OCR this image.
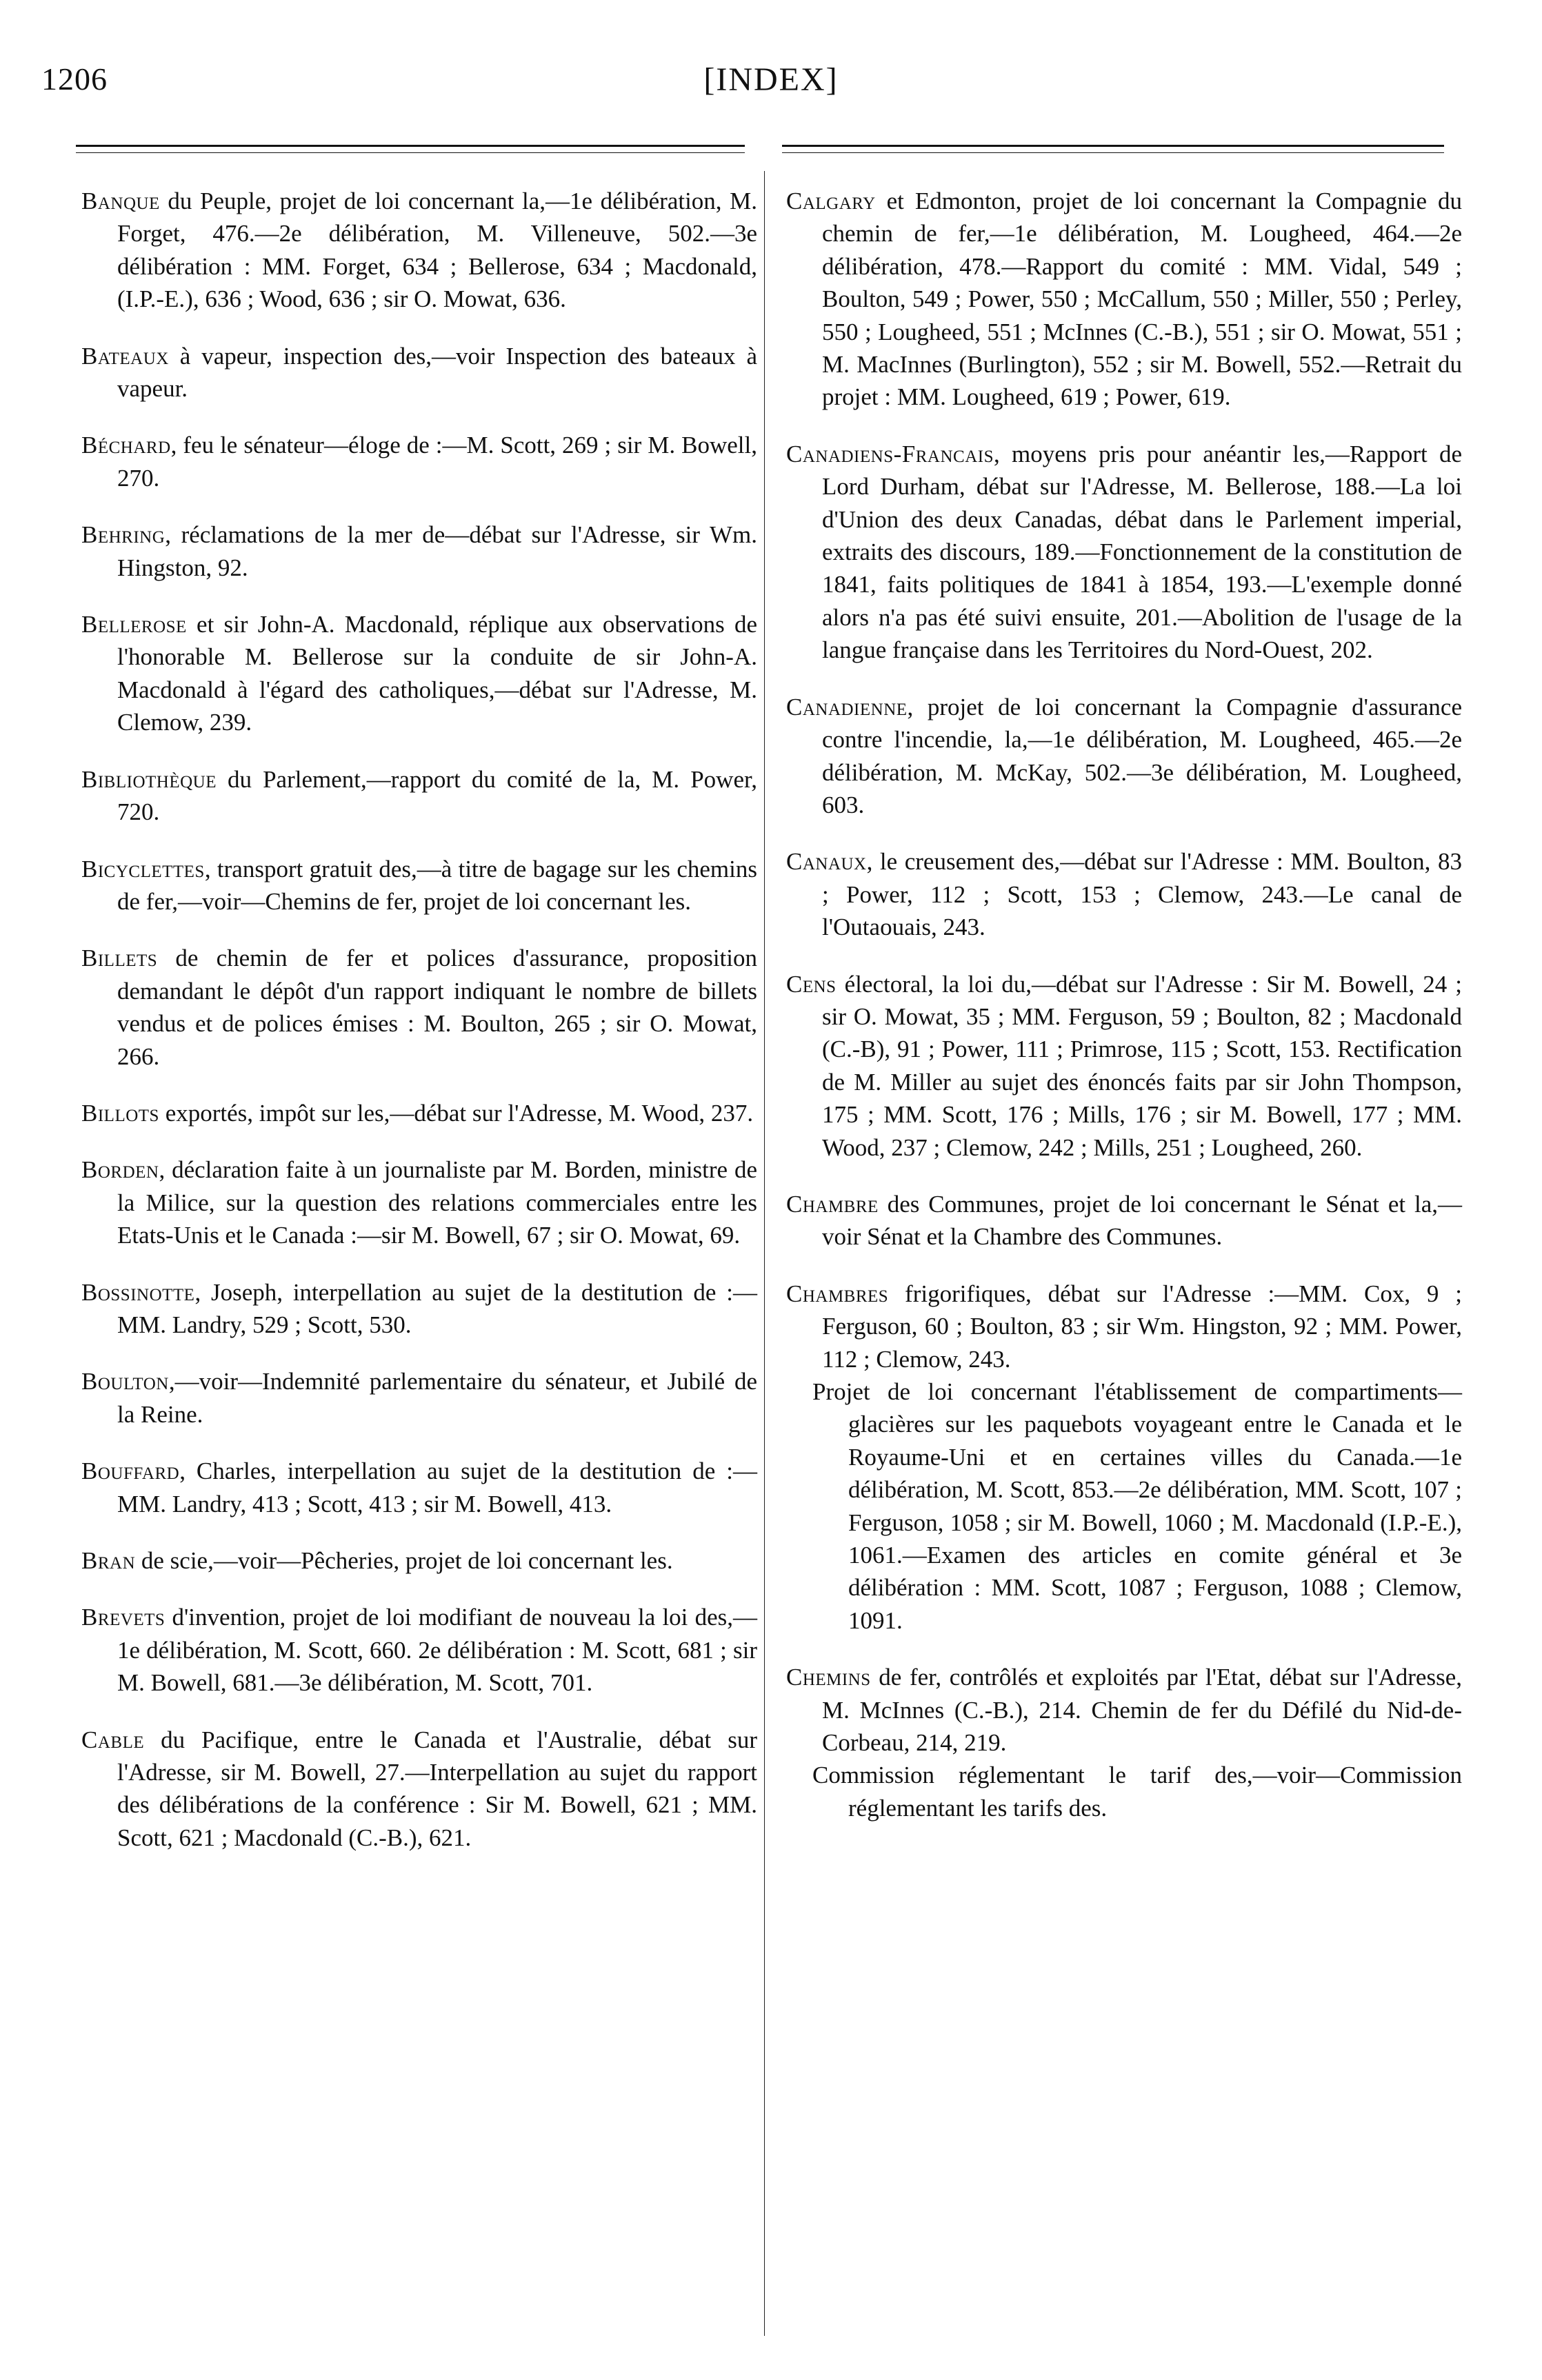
1206	[INDEX]

Banque du Peuple, projet de loi concernant la,—1e délibération, M. Forget, 476.—2e délibération, M. Villeneuve, 502.—3e délibération : MM. Forget, 634 ; Bellerose, 634 ; Macdonald, (I.P.-E.), 636 ; Wood, 636 ; sir O. Mowat, 636.

Bateaux à vapeur, inspection des,—voir Inspection des bateaux à vapeur.

Béchard, feu le sénateur—éloge de :—M. Scott, 269 ; sir M. Bowell, 270.

Behring, réclamations de la mer de—débat sur l'Adresse, sir Wm. Hingston, 92.

Bellerose et sir John-A. Macdonald, réplique aux observations de l'honorable M. Bellerose sur la conduite de sir John-A. Macdonald à l'égard des catholiques,—débat sur l'Adresse, M. Clemow, 239.

Bibliothèque du Parlement,—rapport du comité de la, M. Power, 720.

Bicyclettes, transport gratuit des,—à titre de bagage sur les chemins de fer,—voir—Chemins de fer, projet de loi concernant les.

Billets de chemin de fer et polices d'assurance, proposition demandant le dépôt d'un rapport indiquant le nombre de billets vendus et de polices émises : M. Boulton, 265 ; sir O. Mowat, 266.

Billots exportés, impôt sur les,—débat sur l'Adresse, M. Wood, 237.

Borden, déclaration faite à un journaliste par M. Borden, ministre de la Milice, sur la question des relations commerciales entre les Etats-Unis et le Canada :—sir M. Bowell, 67 ; sir O. Mowat, 69.

Bossinotte, Joseph, interpellation au sujet de la destitution de :—MM. Landry, 529 ; Scott, 530.

Boulton,—voir—Indemnité parlementaire du sénateur, et Jubilé de la Reine.

Bouffard, Charles, interpellation au sujet de la destitution de :—MM. Landry, 413 ; Scott, 413 ; sir M. Bowell, 413.

Bran de scie,—voir—Pêcheries, projet de loi concernant les.

Brevets d'invention, projet de loi modifiant de nouveau la loi des,—1e délibération, M. Scott, 660. 2e délibération : M. Scott, 681 ; sir M. Bowell, 681.—3e délibération, M. Scott, 701.

Cable du Pacifique, entre le Canada et l'Australie, débat sur l'Adresse, sir M. Bowell, 27.—Interpellation au sujet du rapport des délibérations de la conférence : Sir M. Bowell, 621 ; MM. Scott, 621 ; Macdonald (C.-B.), 621.

Calgary et Edmonton, projet de loi concernant la Compagnie du chemin de fer,—1e délibération, M. Lougheed, 464.—2e délibération, 478.—Rapport du comité : MM. Vidal, 549 ; Boulton, 549 ; Power, 550 ; McCallum, 550 ; Miller, 550 ; Perley, 550 ; Lougheed, 551 ; McInnes (C.-B.), 551 ; sir O. Mowat, 551 ; M. MacInnes (Burlington), 552 ; sir M. Bowell, 552.—Retrait du projet : MM. Lougheed, 619 ; Power, 619.

Canadiens-Francais, moyens pris pour anéantir les,—Rapport de Lord Durham, débat sur l'Adresse, M. Bellerose, 188.—La loi d'Union des deux Canadas, débat dans le Parlement imperial, extraits des discours, 189.—Fonctionnement de la constitution de 1841, faits politiques de 1841 à 1854, 193.—L'exemple donné alors n'a pas été suivi ensuite, 201.—Abolition de l'usage de la langue française dans les Territoires du Nord-Ouest, 202.

Canadienne, projet de loi concernant la Compagnie d'assurance contre l'incendie, la,—1e délibération, M. Lougheed, 465.—2e délibération, M. McKay, 502.—3e délibération, M. Lougheed, 603.

Canaux, le creusement des,—débat sur l'Adresse : MM. Boulton, 83 ; Power, 112 ; Scott, 153 ; Clemow, 243.—Le canal de l'Outaouais, 243.

Cens électoral, la loi du,—débat sur l'Adresse : Sir M. Bowell, 24 ; sir O. Mowat, 35 ; MM. Ferguson, 59 ; Boulton, 82 ; Macdonald (C.-B), 91 ; Power, 111 ; Primrose, 115 ; Scott, 153. Rectification de M. Miller au sujet des énoncés faits par sir John Thompson, 175 ; MM. Scott, 176 ; Mills, 176 ; sir M. Bowell, 177 ; MM. Wood, 237 ; Clemow, 242 ; Mills, 251 ; Lougheed, 260.

Chambre des Communes, projet de loi concernant le Sénat et la,—voir Sénat et la Chambre des Communes.

Chambres frigorifiques, débat sur l'Adresse :—MM. Cox, 9 ; Ferguson, 60 ; Boulton, 83 ; sir Wm. Hingston, 92 ; MM. Power, 112 ; Clemow, 243.

Projet de loi concernant l'établissement de compartiments—glacières sur les paquebots voyageant entre le Canada et le Royaume-Uni et en certaines villes du Canada.—1e délibération, M. Scott, 853.—2e délibération, MM. Scott, 107 ; Ferguson, 1058 ; sir M. Bowell, 1060 ; M. Macdonald (I.P.-E.), 1061.—Examen des articles en comite général et 3e délibération : MM. Scott, 1087 ; Ferguson, 1088 ; Clemow, 1091.

Chemins de fer, contrôlés et exploités par l'Etat, débat sur l'Adresse, M. McInnes (C.-B.), 214. Chemin de fer du Défilé du Nid-de-Corbeau, 214, 219.

Commission réglementant le tarif des,—voir—Commission réglementant les tarifs des.
